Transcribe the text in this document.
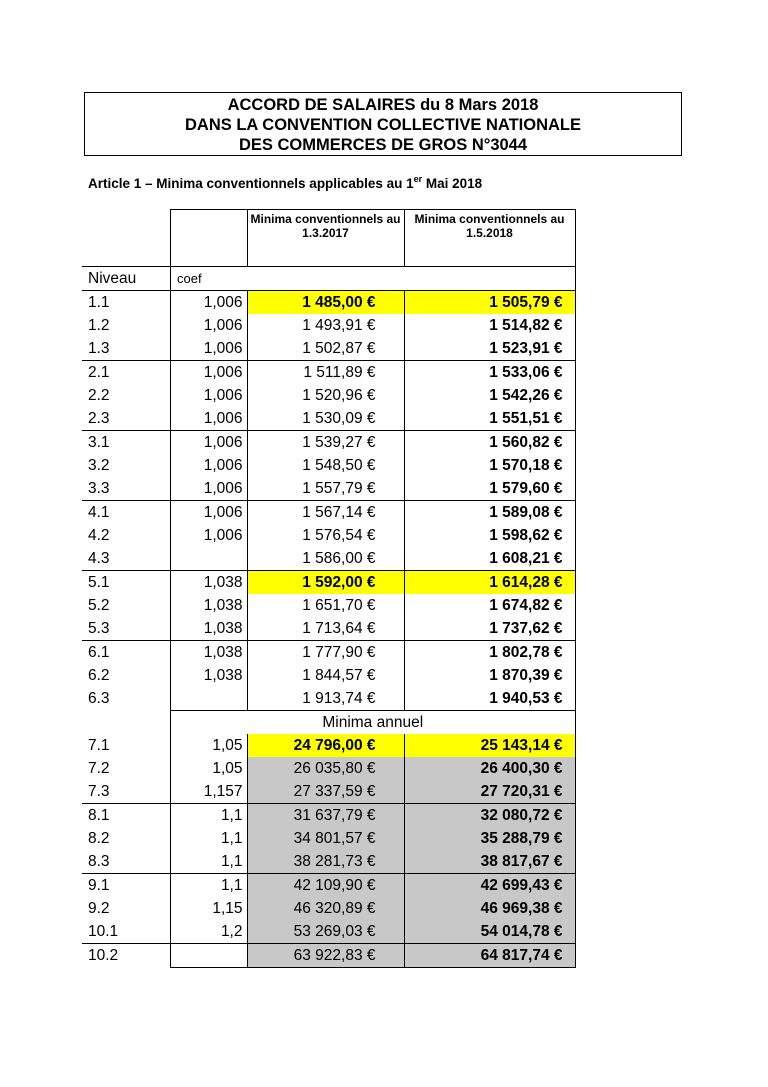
ACCORD DE SALAIRES du 8 Mars 2018
DANS LA CONVENTION COLLECTIVE NATIONALE
DES COMMERCES DE GROS N°3044
Article 1 – Minima conventionnels applicables au 1er Mai 2018
		Minima conventionnels au 1.3.2017	Minima conventionnels au 1.5.2018
Niveau	coef		
1.1	1,006	1 485,00 €	1 505,79 €
1.2	1,006	1 493,91 €	1 514,82 €
1.3	1,006	1 502,87 €	1 523,91 €
2.1	1,006	1 511,89 €	1 533,06 €
2.2	1,006	1 520,96 €	1 542,26 €
2.3	1,006	1 530,09 €	1 551,51 €
3.1	1,006	1 539,27 €	1 560,82 €
3.2	1,006	1 548,50 €	1 570,18 €
3.3	1,006	1 557,79 €	1 579,60 €
4.1	1,006	1 567,14 €	1 589,08 €
4.2	1,006	1 576,54 €	1 598,62 €
4.3		1 586,00 €	1 608,21 €
5.1	1,038	1 592,00 €	1 614,28 €
5.2	1,038	1 651,70 €	1 674,82 €
5.3	1,038	1 713,64 €	1 737,62 €
6.1	1,038	1 777,90 €	1 802,78 €
6.2	1,038	1 844,57 €	1 870,39 €
6.3		1 913,74 €	1 940,53 €
	Minima annuel		
7.1	1,05	24 796,00 €	25 143,14 €
7.2	1,05	26 035,80 €	26 400,30 €
7.3	1,157	27 337,59 €	27 720,31 €
8.1	1,1	31 637,79 €	32 080,72 €
8.2	1,1	34 801,57 €	35 288,79 €
8.3	1,1	38 281,73 €	38 817,67 €
9.1	1,1	42 109,90 €	42 699,43 €
9.2	1,15	46 320,89 €	46 969,38 €
10.1	1,2	53 269,03 €	54 014,78 €
10.2		63 922,83 €	64 817,74 €
